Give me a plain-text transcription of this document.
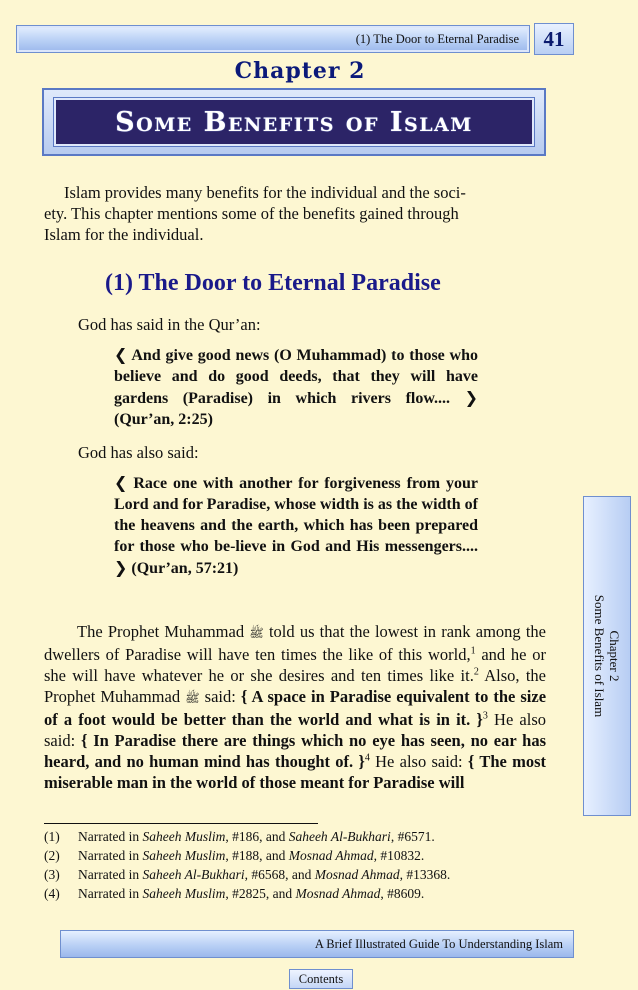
(1) The Door to Eternal Paradise	41
Chapter 2
Some Benefits of Islam
Islam provides many benefits for the individual and the soci-
ety. This chapter mentions some of the benefits gained through
Islam for the individual.
(1) The Door to Eternal Paradise
God has said in the Qur’an:
❮ And give good news (O Muhammad) to those who believe and do good deeds, that they will have gardens (Paradise) in which rivers flow.... ❯ (Qur’an, 2:25)
God has also said:
❮ Race one with another for forgiveness from your Lord and for Paradise, whose width is as the width of the heavens and the earth, which has been prepared for those who be-lieve in God and His messengers.... ❯ (Qur’an, 57:21)
The Prophet Muhammad ﷺ told us that the lowest in rank among the dwellers of Paradise will have ten times the like of this world,$^1$ and he or she will have whatever he or she desires and ten times like it.$^2$ Also, the Prophet Muhammad ﷺ said: { A space in Paradise equivalent to the size of a foot would be better than the world and what is in it. }$^3$ He also said: { In Paradise there are things which no eye has seen, no ear has heard, and no human mind has thought of. }$^4$ He also said: { The most miserable man in the world of those meant for Paradise will
Chapter 2
Some Benefits of Islam
(1) Narrated in Saheeh Muslim, #186, and Saheeh Al-Bukhari, #6571.
(2) Narrated in Saheeh Muslim, #188, and Mosnad Ahmad, #10832.
(3) Narrated in Saheeh Al-Bukhari, #6568, and Mosnad Ahmad, #13368.
(4) Narrated in Saheeh Muslim, #2825, and Mosnad Ahmad, #8609.
A Brief Illustrated Guide To Understanding Islam
Contents
